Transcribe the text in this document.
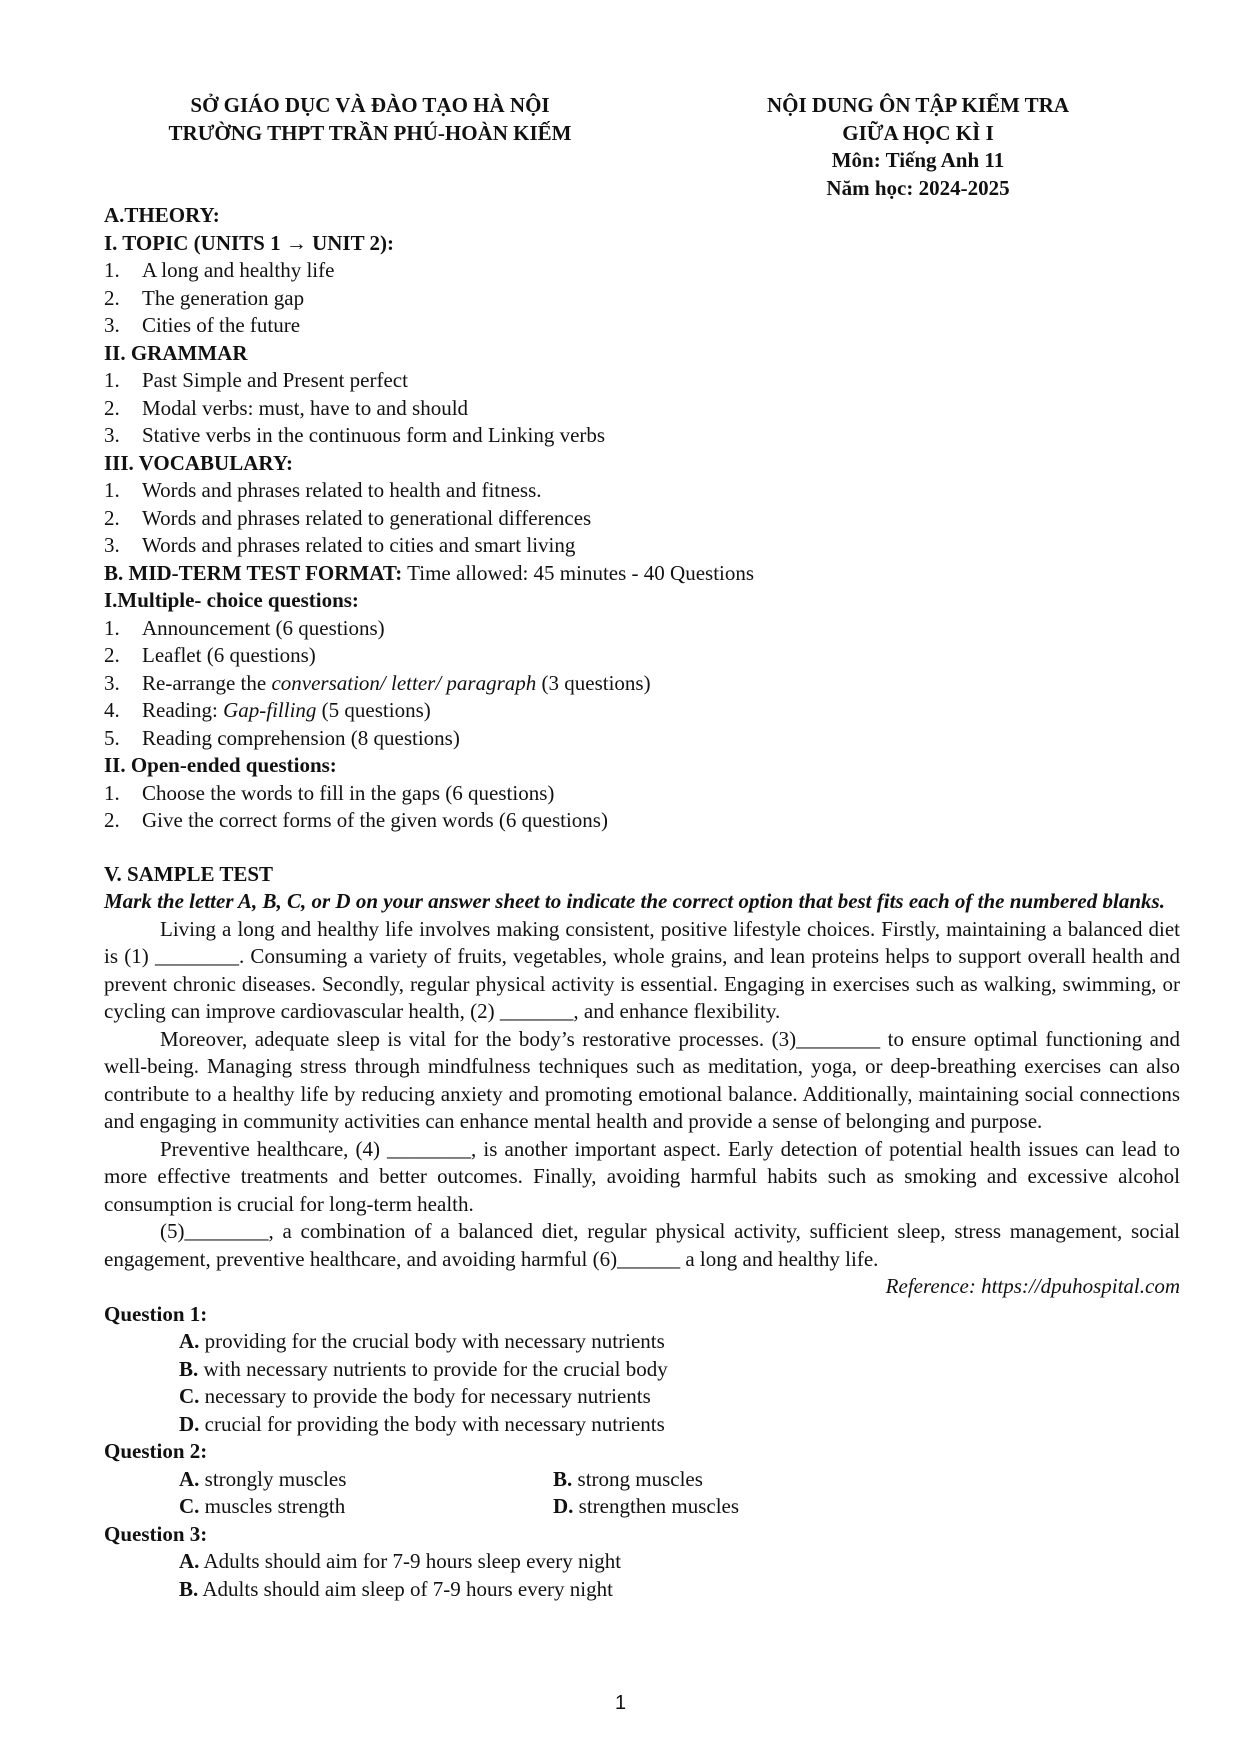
SỞ GIÁO DỤC VÀ ĐÀO TẠO HÀ NỘI
TRƯỜNG THPT TRẦN PHÚ-HOÀN KIẾM
NỘI DUNG ÔN TẬP KIỂM TRA
GIỮA HỌC KÌ I
Môn: Tiếng Anh 11
Năm học: 2024-2025

A.THEORY:

I. TOPIC (UNITS 1 → UNIT 2):

1. A long and healthy life
2. The generation gap
3. Cities of the future

II. GRAMMAR

1. Past Simple and Present perfect
2. Modal verbs: must, have to and should
3. Stative verbs in the continuous form and Linking verbs

III. VOCABULARY:

1. Words and phrases related to health and fitness.
2. Words and phrases related to generational differences
3. Words and phrases related to cities and smart living
B. MID-TERM TEST FORMAT: Time allowed: 45 minutes - 40 Questions

I.Multiple- choice questions:

1. Announcement (6 questions)
2. Leaflet (6 questions)
3. Re-arrange the conversation/ letter/ paragraph (3 questions)
4. Reading: Gap-filling (5 questions)
5. Reading comprehension (8 questions)

II. Open-ended questions:

1. Choose the words to fill in the gaps (6 questions)
2. Give the correct forms of the given words (6 questions)

V. SAMPLE TEST

Mark the letter A, B, C, or D on your answer sheet to indicate the correct option that best fits each of the numbered blanks.

Living a long and healthy life involves making consistent, positive lifestyle choices. Firstly, maintaining a balanced diet is (1) ________. Consuming a variety of fruits, vegetables, whole grains, and lean proteins helps to support overall health and prevent chronic diseases. Secondly, regular physical activity is essential. Engaging in exercises such as walking, swimming, or cycling can improve cardiovascular health, (2) _______, and enhance flexibility.

Moreover, adequate sleep is vital for the body’s restorative processes. (3)________ to ensure optimal functioning and well-being. Managing stress through mindfulness techniques such as meditation, yoga, or deep-breathing exercises can also contribute to a healthy life by reducing anxiety and promoting emotional balance. Additionally, maintaining social connections and engaging in community activities can enhance mental health and provide a sense of belonging and purpose.

Preventive healthcare, (4) ________, is another important aspect. Early detection of potential health issues can lead to more effective treatments and better outcomes. Finally, avoiding harmful habits such as smoking and excessive alcohol consumption is crucial for long-term health.

(5)________, a combination of a balanced diet, regular physical activity, sufficient sleep, stress management, social engagement, preventive healthcare, and avoiding harmful (6)______ a long and healthy life.

Reference: https://dpuhospital.com
Question 1:
A. providing for the crucial body with necessary nutrients
B. with necessary nutrients to provide for the crucial body
C. necessary to provide the body for necessary nutrients
D. crucial for providing the body with necessary nutrients
Question 2:
A. strongly muscles	B. strong muscles
C. muscles strength	D. strengthen muscles
Question 3:
A. Adults should aim for 7-9 hours sleep every night
B. Adults should aim sleep of 7-9 hours every night
1
